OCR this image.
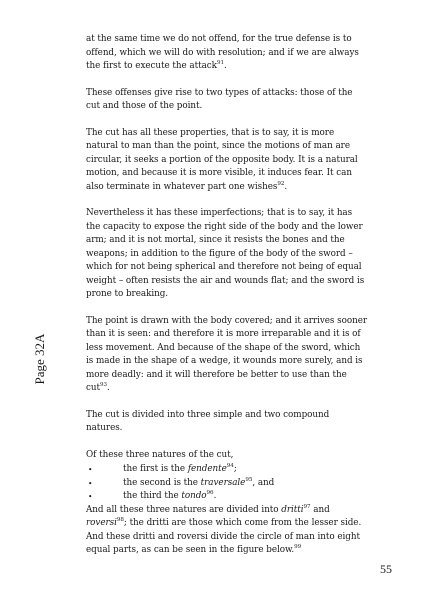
Page 32A

at the same time we do not offend, for the true defense is to offend, which we will do with resolution; and if we are always the first to execute the attack$^{91}$.

These offenses give rise to two types of attacks: those of the cut and those of the point.

The cut has all these properties, that is to say, it is more natural to man than the point, since the motions of man are circular, it seeks a portion of the opposite body. It is a natural motion, and because it is more visible, it induces fear. It can also terminate in whatever part one wishes$^{92}$.

Nevertheless it has these imperfections; that is to say, it has the capacity to expose the right side of the body and the lower arm; and it is not mortal, since it resists the bones and the weapons; in addition to the figure of the body of the sword – which for not being spherical and therefore not being of equal weight – often resists the air and wounds flat; and the sword is prone to breaking.

The point is drawn with the body covered; and it arrives sooner than it is seen: and therefore it is more irreparable and it is of less movement. And because of the shape of the sword, which is made in the shape of a wedge, it wounds more surely, and is more deadly: and it will therefore be better to use than the cut$^{93}$.

The cut is divided into three simple and two compound natures.

Of these three natures of the cut,

•	the first is the fendente$^{94}$;
•	the second is the traversale$^{95}$, and
•	the third the tondo$^{96}$.

And all these three natures are divided into dritti$^{97}$ and roversi$^{98}$; the dritti are those which come from the lesser side. And these dritti and roversi divide the circle of man into eight equal parts, as can be seen in the figure below.$^{99}$

55
